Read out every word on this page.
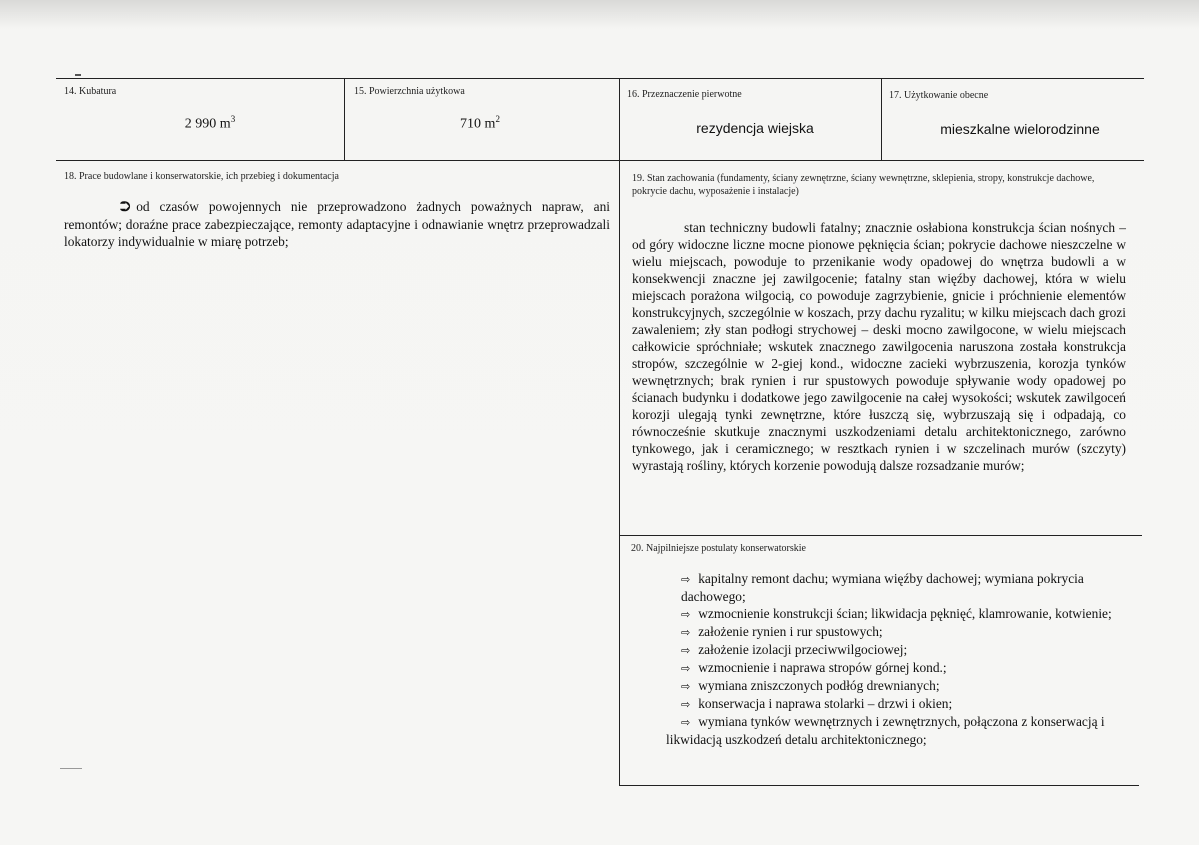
14. Kubatura
2 990 $m^3$
15. Powierzchnia użytkowa
710 $m^2$
16. Przeznaczenie pierwotne
rezydencja wiejska
17. Użytkowanie obecne
mieszkalne wielorodzinne
18. Prace budowlane i konserwatorskie, ich przebieg i dokumentacja
⮊ od czasów powojennych nie przeprowadzono żadnych poważnych napraw, ani remontów; doraźne prace zabezpieczające, remonty adaptacyjne i odnawianie wnętrz przeprowadzali lokatorzy indywidualnie w miarę potrzeb;
19. Stan zachowania (fundamenty, ściany zewnętrzne, ściany wewnętrzne, sklepienia, stropy, konstrukcje dachowe, pokrycie dachu, wyposażenie i instalacje)
stan techniczny budowli fatalny; znacznie osłabiona konstrukcja ścian nośnych – od góry widoczne liczne mocne pionowe pęknięcia ścian; pokrycie dachowe nieszczelne w wielu miejscach, powoduje to przenikanie wody opadowej do wnętrza budowli a w konsekwencji znaczne jej zawilgocenie; fatalny stan więźby dachowej, która w wielu miejscach porażona wilgocią, co powoduje zagrzybienie, gnicie i próchnienie elementów konstrukcyjnych, szczególnie w koszach, przy dachu ryzalitu; w kilku miejscach dach grozi zawaleniem; zły stan podłogi strychowej – deski mocno zawilgocone, w wielu miejscach całkowicie spróchniałe; wskutek znacznego zawilgocenia naruszona została konstrukcja stropów, szczególnie w 2-giej kond., widoczne zacieki wybrzuszenia, korozja tynków wewnętrznych; brak rynien i rur spustowych powoduje spływanie wody opadowej po ścianach budynku i dodatkowe jego zawilgocenie na całej wysokości; wskutek zawilgoceń korozji ulegają tynki zewnętrzne, które łuszczą się, wybrzuszają się i odpadają, co równocześnie skutkuje znacznymi uszkodzeniami detalu architektonicznego, zarówno tynkowego, jak i ceramicznego; w resztkach rynien i w szczelinach murów (szczyty) wyrastają rośliny, których korzenie powodują dalsze rozsadzanie murów;
20. Najpilniejsze postulaty konserwatorskie
⇨ kapitalny remont dachu; wymiana więźby dachowej; wymiana pokrycia dachowego;
⇨ wzmocnienie konstrukcji ścian; likwidacja pęknięć, klamrowanie, kotwienie;
⇨ założenie rynien i rur spustowych;
⇨ założenie izolacji przeciwwilgociowej;
⇨ wzmocnienie i naprawa stropów górnej kond.;
⇨ wymiana zniszczonych podłóg drewnianych;
⇨ konserwacja i naprawa stolarki – drzwi i okien;
⇨ wymiana tynków wewnętrznych i zewnętrznych, połączona z konserwacją i likwidacją uszkodzeń detalu architektonicznego;
